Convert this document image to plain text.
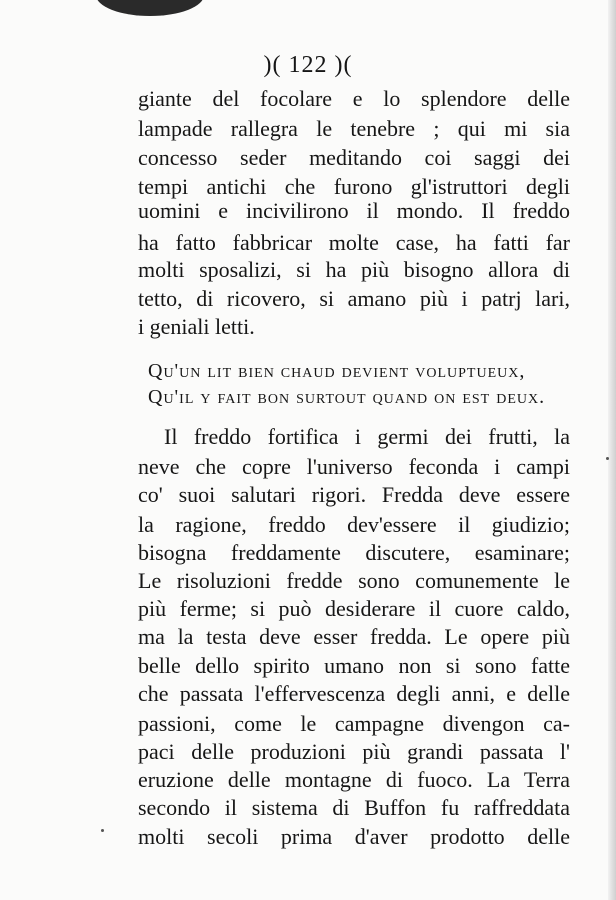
)( 122 )(
giante del focolare e lo splendore delle
lampade rallegra le tenebre ; qui mi sia
concesso seder meditando coi saggi dei
tempi antichi che furono gl'istruttori degli
uomini e incivilirono il mondo. Il freddo
ha fatto fabbricar molte case, ha fatti far
molti sposalizi, si ha più bisogno allora di
tetto, di ricovero, si amano più i patrj lari,
i geniali letti.
Qu'un lit bien chaud devient voluptueux,
Qu'il y fait bon surtout quand on est deux.
Il freddo fortifica i germi dei frutti, la
neve che copre l'universo feconda i campi
co' suoi salutari rigori. Fredda deve essere
la ragione, freddo dev'essere il giudizio;
bisogna freddamente discutere, esaminare;
Le risoluzioni fredde sono comunemente le
più ferme; si può desiderare il cuore caldo,
ma la testa deve esser fredda. Le opere più
belle dello spirito umano non si sono fatte
che passata l'effervescenza degli anni, e delle
passioni, come le campagne divengon ca-
paci delle produzioni più grandi passata l'
eruzione delle montagne di fuoco. La Terra
secondo il sistema di Buffon fu raffreddata
molti secoli prima d'aver prodotto delle
